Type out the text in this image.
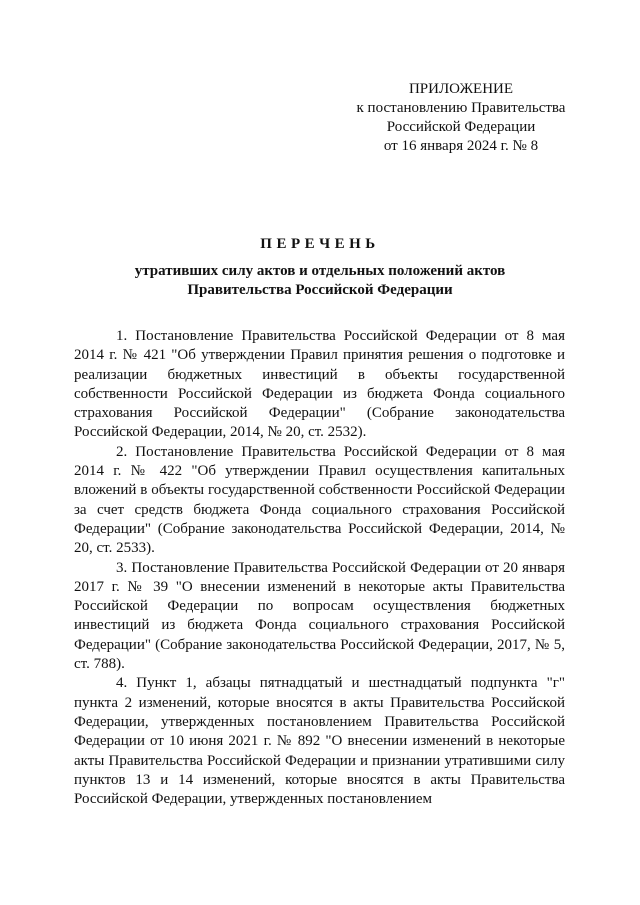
ПРИЛОЖЕНИЕ
к постановлению Правительства
Российской Федерации
от 16 января 2024 г. № 8
ПЕРЕЧЕНЬ
утративших силу актов и отдельных положений актов
Правительства Российской Федерации

1. Постановление Правительства Российской Федерации от 8 мая 2014 г. № 421 "Об утверждении Правил принятия решения о подготовке и реализации бюджетных инвестиций в объекты государственной собственности Российской Федерации из бюджета Фонда социального страхования Российской Федерации" (Собрание законодательства Российской Федерации, 2014, № 20, ст. 2532).

2. Постановление Правительства Российской Федерации от 8 мая 2014 г. № 422 "Об утверждении Правил осуществления капитальных вложений в объекты государственной собственности Российской Федерации за счет средств бюджета Фонда социального страхования Российской Федерации" (Собрание законодательства Российской Федерации, 2014, № 20, ст. 2533).

3. Постановление Правительства Российской Федерации от 20 января 2017 г. № 39 "О внесении изменений в некоторые акты Правительства Российской Федерации по вопросам осуществления бюджетных инвестиций из бюджета Фонда социального страхования Российской Федерации" (Собрание законодательства Российской Федерации, 2017, № 5, ст. 788).

4. Пункт 1, абзацы пятнадцатый и шестнадцатый подпункта "г" пункта 2 изменений, которые вносятся в акты Правительства Российской Федерации, утвержденных постановлением Правительства Российской Федерации от 10 июня 2021 г. № 892 "О внесении изменений в некоторые акты Правительства Российской Федерации и признании утратившими силу пунктов 13 и 14 изменений, которые вносятся в акты Правительства Российской Федерации, утвержденных постановлением
